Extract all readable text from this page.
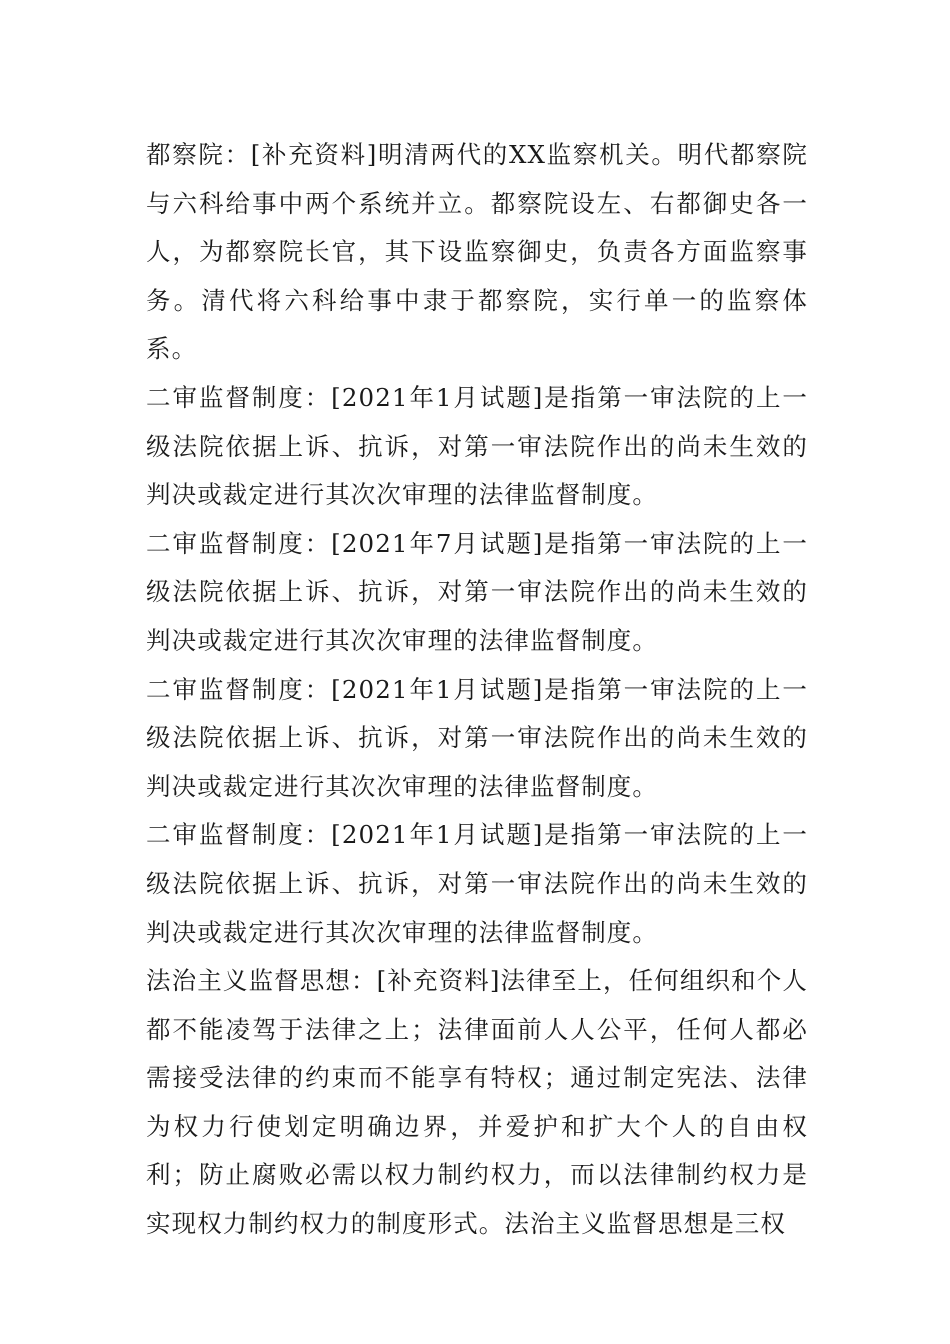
都察院：[补充资料]明清两代的XX监察机关。明代都察院与六科给事中两个系统并立。都察院设左、右都御史各一人，为都察院长官，其下设监察御史，负责各方面监察事务。清代将六科给事中隶于都察院，实行单一的监察体系。

二审监督制度：[2021年1月试题]是指第一审法院的上一级法院依据上诉、抗诉，对第一审法院作出的尚未生效的判决或裁定进行其次次审理的法律监督制度。

二审监督制度：[2021年7月试题]是指第一审法院的上一级法院依据上诉、抗诉，对第一审法院作出的尚未生效的判决或裁定进行其次次审理的法律监督制度。

二审监督制度：[2021年1月试题]是指第一审法院的上一级法院依据上诉、抗诉，对第一审法院作出的尚未生效的判决或裁定进行其次次审理的法律监督制度。

二审监督制度：[2021年1月试题]是指第一审法院的上一级法院依据上诉、抗诉，对第一审法院作出的尚未生效的判决或裁定进行其次次审理的法律监督制度。

法治主义监督思想：[补充资料]法律至上，任何组织和个人都不能凌驾于法律之上；法律面前人人公平，任何人都必需接受法律的约束而不能享有特权；通过制定宪法、法律为权力行使划定明确边界，并爱护和扩大个人的自由权利；防止腐败必需以权力制约权力，而以法律制约权力是实现权力制约权力的制度形式。法治主义监督思想是三权
